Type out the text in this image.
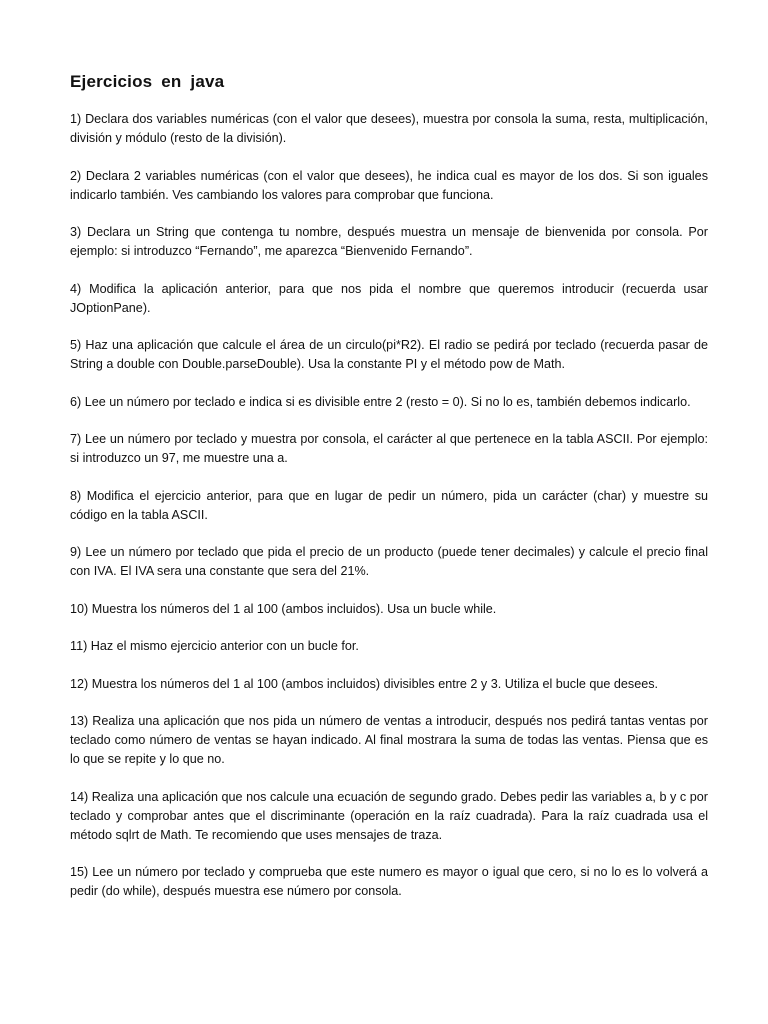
Ejercicios en java

1) Declara dos variables numéricas (con el valor que desees), muestra por consola la suma, resta, multiplicación, división y módulo (resto de la división).

2) Declara 2 variables numéricas (con el valor que desees), he indica cual es mayor de los dos. Si son iguales indicarlo también. Ves cambiando los valores para comprobar que funciona.

3) Declara un String que contenga tu nombre, después muestra un mensaje de bienvenida por consola. Por ejemplo: si introduzco “Fernando”, me aparezca “Bienvenido Fernando”.

4) Modifica la aplicación anterior, para que nos pida el nombre que queremos introducir (recuerda usar JOptionPane).

5) Haz una aplicación que calcule el área de un circulo(pi*R2). El radio se pedirá por teclado (recuerda pasar de String a double con Double.parseDouble). Usa la constante PI y el método pow de Math.

6) Lee un número por teclado e indica si es divisible entre 2 (resto = 0). Si no lo es, también debemos indicarlo.

7) Lee un número por teclado y muestra por consola, el carácter al que pertenece en la tabla ASCII. Por ejemplo: si introduzco un 97, me muestre una a.

8) Modifica el ejercicio anterior, para que en lugar de pedir un número, pida un carácter (char) y muestre su código en la tabla ASCII.

9) Lee un número por teclado que pida el precio de un producto (puede tener decimales) y calcule el precio final con IVA. El IVA sera una constante que sera del 21%.

10) Muestra los números del 1 al 100 (ambos incluidos). Usa un bucle while.

11) Haz el mismo ejercicio anterior con un bucle for.

12) Muestra los números del 1 al 100 (ambos incluidos) divisibles entre 2 y 3. Utiliza el bucle que desees.

13) Realiza una aplicación que nos pida un número de ventas a introducir, después nos pedirá tantas ventas por teclado como número de ventas se hayan indicado. Al final mostrara la suma de todas las ventas. Piensa que es lo que se repite y lo que no.

14) Realiza una aplicación que nos calcule una ecuación de segundo grado. Debes pedir las variables a, b y c por teclado y comprobar antes que el discriminante (operación en la raíz cuadrada). Para la raíz cuadrada usa el método sqlrt de Math. Te recomiendo que uses mensajes de traza.

15) Lee un número por teclado y comprueba que este numero es mayor o igual que cero, si no lo es lo volverá a pedir (do while), después muestra ese número por consola.
